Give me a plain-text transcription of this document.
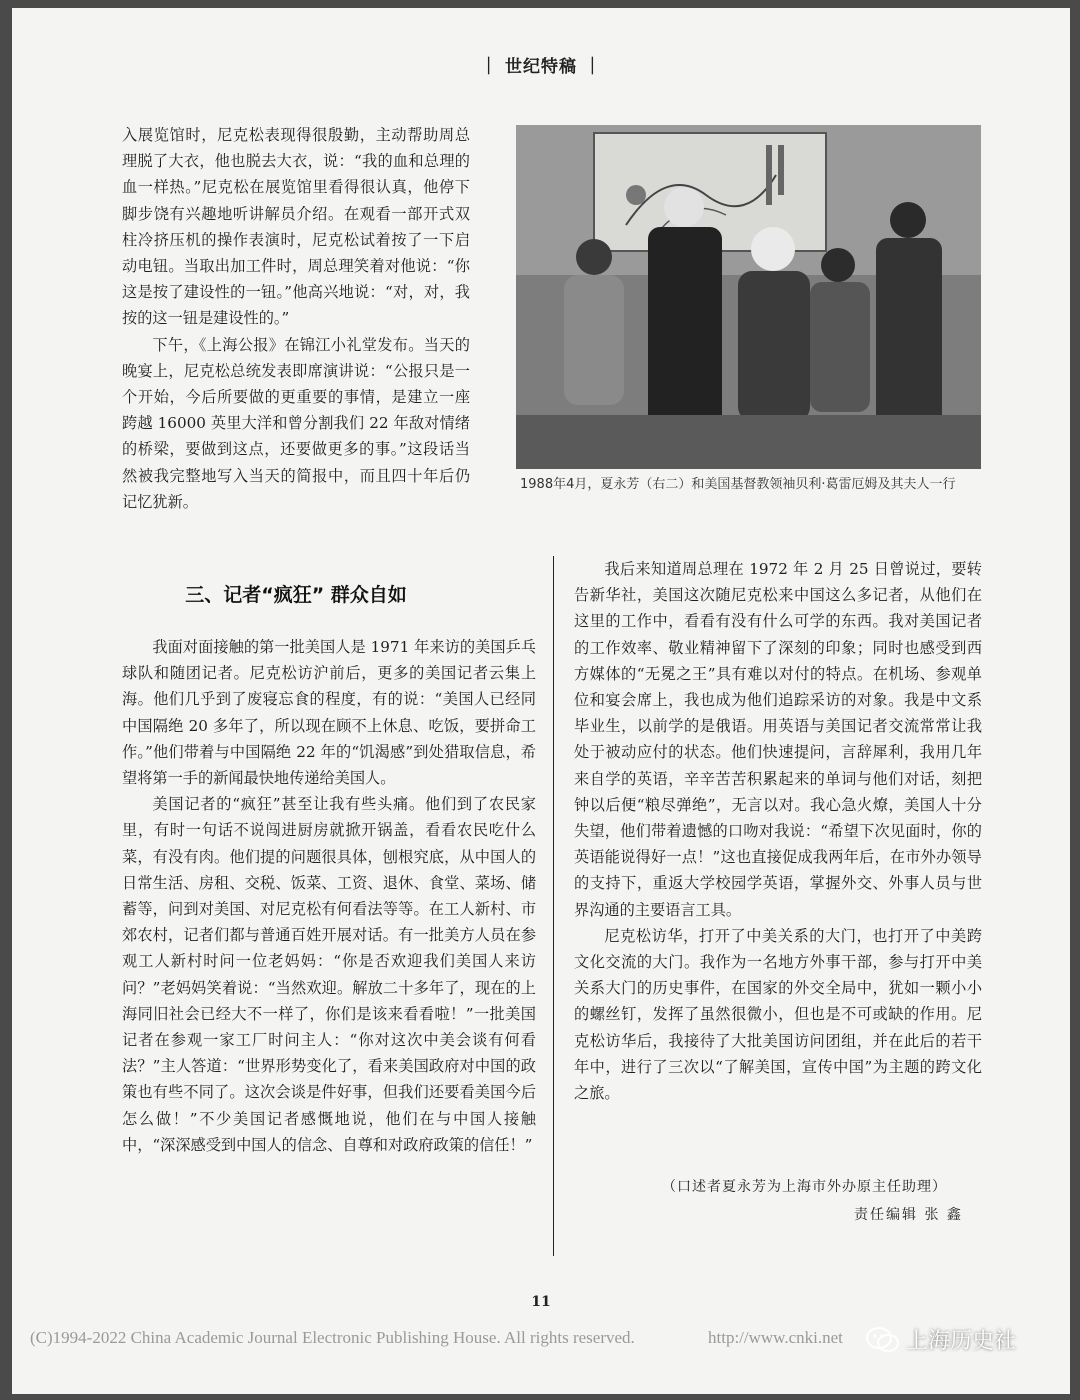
｜ 世纪特稿 ｜

入展览馆时，尼克松表现得很殷勤，主动帮助周总理脱了大衣，他也脱去大衣，说：“我的血和总理的血一样热。”尼克松在展览馆里看得很认真，他停下脚步饶有兴趣地听讲解员介绍。在观看一部开式双柱冷挤压机的操作表演时，尼克松试着按了一下启动电钮。当取出加工件时，周总理笑着对他说：“你这是按了建设性的一钮。”他高兴地说：“对，对，我按的这一钮是建设性的。”

下午，《上海公报》在锦江小礼堂发布。当天的晚宴上，尼克松总统发表即席演讲说：“公报只是一个开始，今后所要做的更重要的事情，是建立一座跨越 16000 英里大洋和曾分割我们 22 年敌对情绪的桥梁，要做到这点，还要做更多的事。”这段话当然被我完整地写入当天的简报中，而且四十年后仍记忆犹新。

1988年4月，夏永芳（右二）和美国基督教领袖贝利·葛雷厄姆及其夫人一行
三、记者“疯狂” 群众自如

我面对面接触的第一批美国人是 1971 年来访的美国乒乓球队和随团记者。尼克松访沪前后，更多的美国记者云集上海。他们几乎到了废寝忘食的程度，有的说：“美国人已经同中国隔绝 20 多年了，所以现在顾不上休息、吃饭，要拼命工作。”他们带着与中国隔绝 22 年的“饥渴感”到处猎取信息，希望将第一手的新闻最快地传递给美国人。

美国记者的“疯狂”甚至让我有些头痛。他们到了农民家里，有时一句话不说闯进厨房就掀开锅盖，看看农民吃什么菜，有没有肉。他们提的问题很具体，刨根究底，从中国人的日常生活、房租、交税、饭菜、工资、退休、食堂、菜场、储蓄等，问到对美国、对尼克松有何看法等等。在工人新村、市郊农村，记者们都与普通百姓开展对话。有一批美方人员在参观工人新村时问一位老妈妈：“你是否欢迎我们美国人来访问？”老妈妈笑着说：“当然欢迎。解放二十多年了，现在的上海同旧社会已经大不一样了，你们是该来看看啦！”一批美国记者在参观一家工厂时问主人：“你对这次中美会谈有何看法？”主人答道：“世界形势变化了，看来美国政府对中国的政策也有些不同了。这次会谈是件好事，但我们还要看美国今后怎么做！”不少美国记者感慨地说，他们在与中国人接触中，“深深感受到中国人的信念、自尊和对政府政策的信任！”

我后来知道周总理在 1972 年 2 月 25 日曾说过，要转告新华社，美国这次随尼克松来中国这么多记者，从他们在这里的工作中，看看有没有什么可学的东西。我对美国记者的工作效率、敬业精神留下了深刻的印象；同时也感受到西方媒体的“无冕之王”具有难以对付的特点。在机场、参观单位和宴会席上，我也成为他们追踪采访的对象。我是中文系毕业生，以前学的是俄语。用英语与美国记者交流常常让我处于被动应付的状态。他们快速提问，言辞犀利，我用几年来自学的英语，辛辛苦苦积累起来的单词与他们对话，刻把钟以后便“粮尽弹绝”，无言以对。我心急火燎，美国人十分失望，他们带着遗憾的口吻对我说：“希望下次见面时，你的英语能说得好一点！”这也直接促成我两年后，在市外办领导的支持下，重返大学校园学英语，掌握外交、外事人员与世界沟通的主要语言工具。

尼克松访华，打开了中美关系的大门，也打开了中美跨文化交流的大门。我作为一名地方外事干部，参与打开中美关系大门的历史事件，在国家的外交全局中，犹如一颗小小的螺丝钉，发挥了虽然很微小，但也是不可或缺的作用。尼克松访华后，我接待了大批美国访问团组，并在此后的若干年中，进行了三次以“了解美国，宣传中国”为主题的跨文化之旅。

（口述者夏永芳为上海市外办原主任助理）
责任编辑 张 鑫
11
(C)1994-2022 China Academic Journal Electronic Publishing House. All rights reserved.	http://www.cnki.net	上海历史社
